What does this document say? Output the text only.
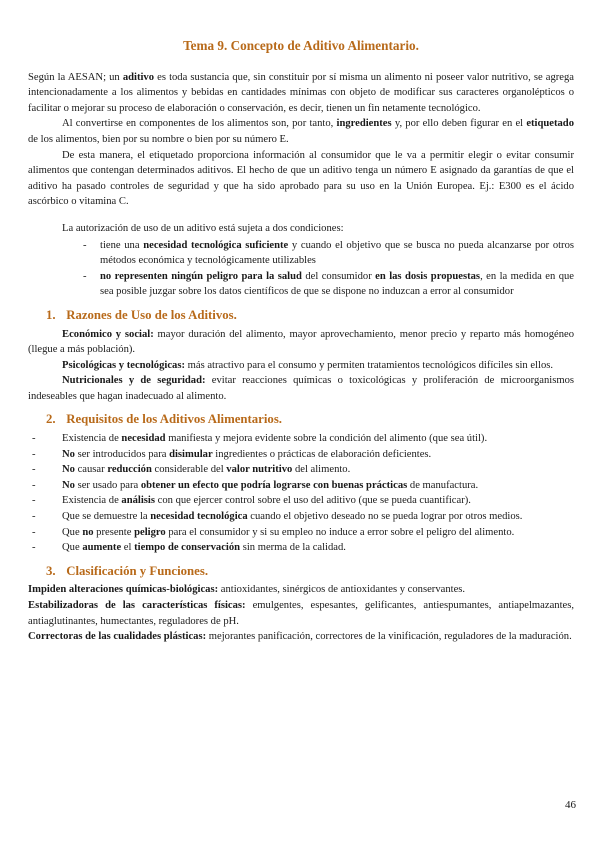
Tema 9. Concepto de Aditivo Alimentario.

Según la AESAN; un aditivo es toda sustancia que, sin constituir por sí misma un alimento ni poseer valor nutritivo, se agrega intencionadamente a los alimentos y bebidas en cantidades mínimas con objeto de modificar sus caracteres organolépticos o facilitar o mejorar su proceso de elaboración o conservación, es decir, tienen un fin netamente tecnológico.

Al convertirse en componentes de los alimentos son, por tanto, ingredientes y, por ello deben figurar en el etiquetado de los alimentos, bien por su nombre o bien por su número E.

De esta manera, el etiquetado proporciona información al consumidor que le va a permitir elegir o evitar consumir alimentos que contengan determinados aditivos. El hecho de que un aditivo tenga un número E asignado da garantías de que el aditivo ha pasado controles de seguridad y que ha sido aprobado para su uso en la Unión Europea. Ej.: E300 es el ácido ascórbico o vitamina C.

La autorización de uso de un aditivo está sujeta a dos condiciones:

- tiene una necesidad tecnológica suficiente y cuando el objetivo que se busca no pueda alcanzarse por otros métodos económica y tecnológicamente utilizables
- no representen ningún peligro para la salud del consumidor en las dosis propuestas, en la medida en que sea posible juzgar sobre los datos científicos de que se dispone no induzcan a error al consumidor
1. Razones de Uso de los Aditivos.

Económico y social: mayor duración del alimento, mayor aprovechamiento, menor precio y reparto más homogéneo (llegue a más población).

Psicológicas y tecnológicas: más atractivo para el consumo y permiten tratamientos tecnológicos difíciles sin ellos.

Nutricionales y de seguridad: evitar reacciones químicas o toxicológicas y proliferación de microorganismos indeseables que hagan inadecuado al alimento.

2. Requisitos de los Aditivos Alimentarios.
- Existencia de necesidad manifiesta y mejora evidente sobre la condición del alimento (que sea útil).
- No ser introducidos para disimular ingredientes o prácticas de elaboración deficientes.
- No causar reducción considerable del valor nutritivo del alimento.
- No ser usado para obtener un efecto que podría lograrse con buenas prácticas de manufactura.
- Existencia de análisis con que ejercer control sobre el uso del aditivo (que se pueda cuantificar).
- Que se demuestre la necesidad tecnológica cuando el objetivo deseado no se pueda lograr por otros medios.
- Que no presente peligro para el consumidor y si su empleo no induce a error sobre el peligro del alimento.
- Que aumente el tiempo de conservación sin merma de la calidad.
3. Clasificación y Funciones.

Impiden alteraciones químicas-biológicas: antioxidantes, sinérgicos de antioxidantes y conservantes.

Estabilizadoras de las características físicas: emulgentes, espesantes, gelificantes, antiespumantes, antiapelmazantes, antiaglutinantes, humectantes, reguladores de pH.

Correctoras de las cualidades plásticas: mejorantes panificación, correctores de la vinificación, reguladores de la maduración.

46
